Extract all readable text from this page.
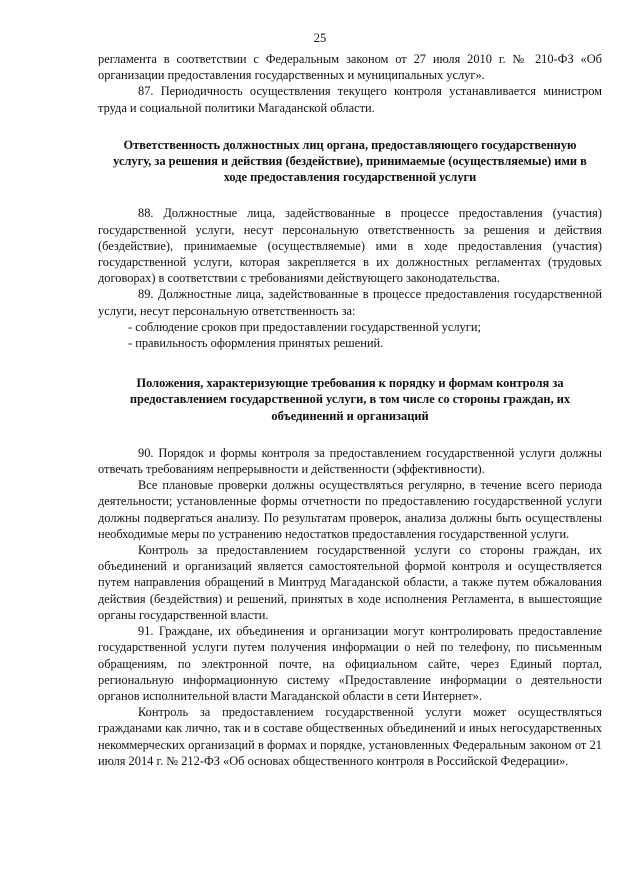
25

регламента в соответствии с Федеральным законом от 27 июля 2010 г. № 210-ФЗ «Об организации предоставления государственных и муниципальных услуг».

87. Периодичность осуществления текущего контроля устанавливается министром труда и социальной политики Магаданской области.

Ответственность должностных лиц органа, предоставляющего государственную услугу, за решения и действия (бездействие), принимаемые (осуществляемые) ими в ходе предоставления государственной услуги

88. Должностные лица, задействованные в процессе предоставления (участия) государственной услуги, несут персональную ответственность за решения и действия (бездействие), принимаемые (осуществляемые) ими в ходе предоставления (участия) государственной услуги, которая закрепляется в их должностных регламентах (трудовых договорах) в соответствии с требованиями действующего законодательства.

89. Должностные лица, задействованные в процессе предоставления государственной услуги, несут персональную ответственность за:

- соблюдение сроков при предоставлении государственной услуги;

- правильность оформления принятых решений.

Положения, характеризующие требования к порядку и формам контроля за предоставлением государственной услуги, в том числе со стороны граждан, их объединений и организаций

90. Порядок и формы контроля за предоставлением государственной услуги должны отвечать требованиям непрерывности и действенности (эффективности).

Все плановые проверки должны осуществляться регулярно, в течение всего периода деятельности; установленные формы отчетности по предоставлению государственной услуги должны подвергаться анализу. По результатам проверок, анализа должны быть осуществлены необходимые меры по устранению недостатков предоставления государственной услуги.

Контроль за предоставлением государственной услуги со стороны граждан, их объединений и организаций является самостоятельной формой контроля и осуществляется путем направления обращений в Минтруд Магаданской области, а также путем обжалования действия (бездействия) и решений, принятых в ходе исполнения Регламента, в вышестоящие органы государственной власти.

91. Граждане, их объединения и организации могут контролировать предоставление государственной услуги путем получения информации о ней по телефону, по письменным обращениям, по электронной почте, на официальном сайте, через Единый портал, региональную информационную систему «Предоставление информации о деятельности органов исполнительной власти Магаданской области в сети Интернет».

Контроль за предоставлением государственной услуги может осуществляться гражданами как лично, так и в составе общественных объединений и иных негосударственных некоммерческих организаций в формах и порядке, установленных Федеральным законом от 21 июля 2014 г. № 212-ФЗ «Об основах общественного контроля в Российской Федерации».
